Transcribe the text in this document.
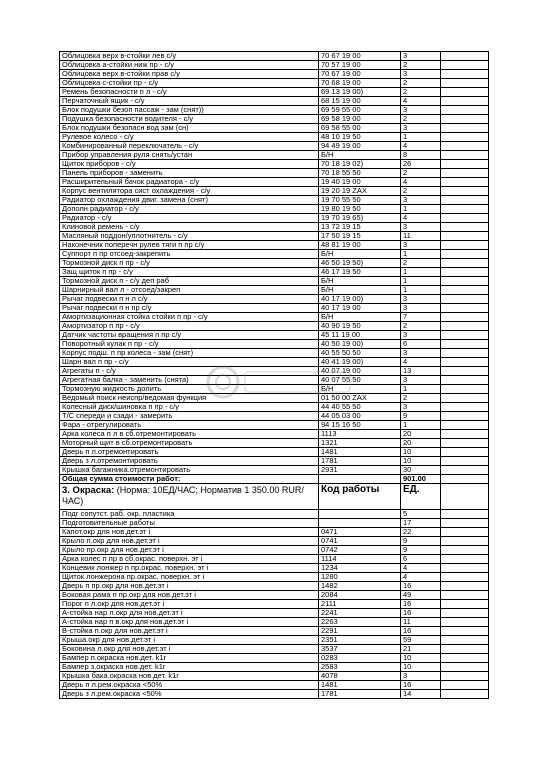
Облицовка верх в-стойки лев с/у	70 67 19 00	3	
Облицовка а-стойки ниж пр - с/у	70 57 19 00	2	
Облицовка верх в-стойки прав с/у	70 67 19 00	3	
Облицовка с-стойки пр - с/у	70 68 19 00	2	
Ремень безопасности п л - с/у	69 13 19 00)	2	
Перчаточный ящик - с/у	68 15 19 00	4	
Блок подушки безоп пассаж - зам (снят))	69 59 55 00	3	
Подушка безопасности водителя - с/у	69 58 19 00	2	
Блок подушки безопасн вод зам (сн)	69 58 55 00	3	
Рулевое колесо - с/у	48 10 19 50	1	
Комбинированный переключатель - с/у	94 49 19 00	4	
Прибор управления руля снять/устан	Б/Н	8	
Щиток приборов - с/у	70 18 19 02)	26	
Панель приборов - заменить	70 18 55 50	2	
Расширительный бачок радиатора - с/у	19 40 19 00	4	
Корпус вентилятора сист охлаждения - с/у	19 20 19 ZAX	2	
Радиатор охлаждения двиг. замена (снят)	19 70 55 50	3	
Дополн радиатор - с/у	19 80 19 50	1	
Радиатор - с/у	19 70 19 65)	4	
Клиновой ремень - с/у	13 72 19 15	3	
Масляный поддон/уплотнитель - с/у	17 50 19 15	11	
Наконечник поперечн рулев тяги п пр с/у	48 81 19 00	3	
Суппорт п пр отсоед-закрепить	Б/Н	1	
Тормозной диск п пр - с/у	46 50 19 50)	2	
Защ щиток п пр - с/у	46 17 19 50	1	
Тормозной диск п - с/у деп раб	Б/Н	1	
Шарнирный вал л - отсоед/закреп	Б/Н	1	
Рычаг подвески п н л с/у	40 17 19 00)	3	
Рычаг подвески п н пр с/у	40 17 19 00	3	
Амортизационная стойка стойки п пр - с/у	Б/Н	7	
Амортизатор п пр - с/у	40 90 19 50	2	
Датчик частоты вращения п пр с/у	45 11 19 00	3	
Поворотный кулак п пр - с/у	40 50 19 00)	6	
Корпус подш. п пр колеса - зам (снят)	40 55 50 50	3	
Шарн вал п пр - с/у	40 41 19 00)	4	
Агрегаты п - с/у	40 07 19 00	13	
Агрегатная балка - заменить (снята)	40 07 55 50	3	
Тормозную жидкость долить	Б/Н	1	
Ведомый поиск неиспр/ведомая функция	01 50 00 ZAX	2	
Колесный диск/шиновка п пр - с/у	44 40 55 50	3	
Т/С спереди и сзади - замерить	44 05 03 00	9	
Фара - отрегулировать	94 15 16 50	1	
Арка колеса п л в сб.отремонтировать	1113	20	
Моторный щит в сб.отремонтировать	1321	20	
Дверь п л.отремонтировать	1481	10	
Дверь з л.отремонтировать	1781	10	
Крышка багажника.отремонтировать	2931	30	
Общая сумма стоимости работ:		901.00	
3. Окраска: (Норма: 10ЕД/ЧАС; Норматив 1 350.00 RUR/ЧАС)	Код работы	ЕД.	
Подг сопутст. раб. окр. пластика		5	
Подготовительные работы		17	
Капот.окр для нов.дет.эт i	0471	22	
Крыло п.окр для нов.дет.эт i	0741	9	
Крыло пр.окр для нов.дет.эт i	0742	9	
Арка колес п пр в сб.окрас. поверхн. эт i	1114	6	
Концевик лонжер п пр.окрас. поверхн. эт i	1234	4	
Щиток лонжерона пр.окрас. поверхн. эт i	1280	4	
Дверь п пр.окр для нов.дет.эт i	1482	16	
Боковая рама п пр.окр для нов.дет.эт i	2084	49	
Порог п л.окр для нов.дет.эт i	2111	16	
А-стойка нар л.окр для нов.дет.эт i	2241	16	
А-стойка нар п в.окр для нов.дет.эт i	2263	11	
В-стойка п.окр для нов.дет.эт i	2291	16	
Крыша.окр для нов.дет.эт i	2351	59	
Боковина л.окр для нов.дет.эт i	3537	21	
Бампер п.окраска нов.дет. k1r	0283	10	
Бампер з.окраска нов.дет. k1r	2583	10	
Крышка бака.окраска нов.дет. k1r	4078	3	
Дверь п л.рем.окраска <50%	1481	16	
Дверь з л.рем.окраска <50%	1781	14	
